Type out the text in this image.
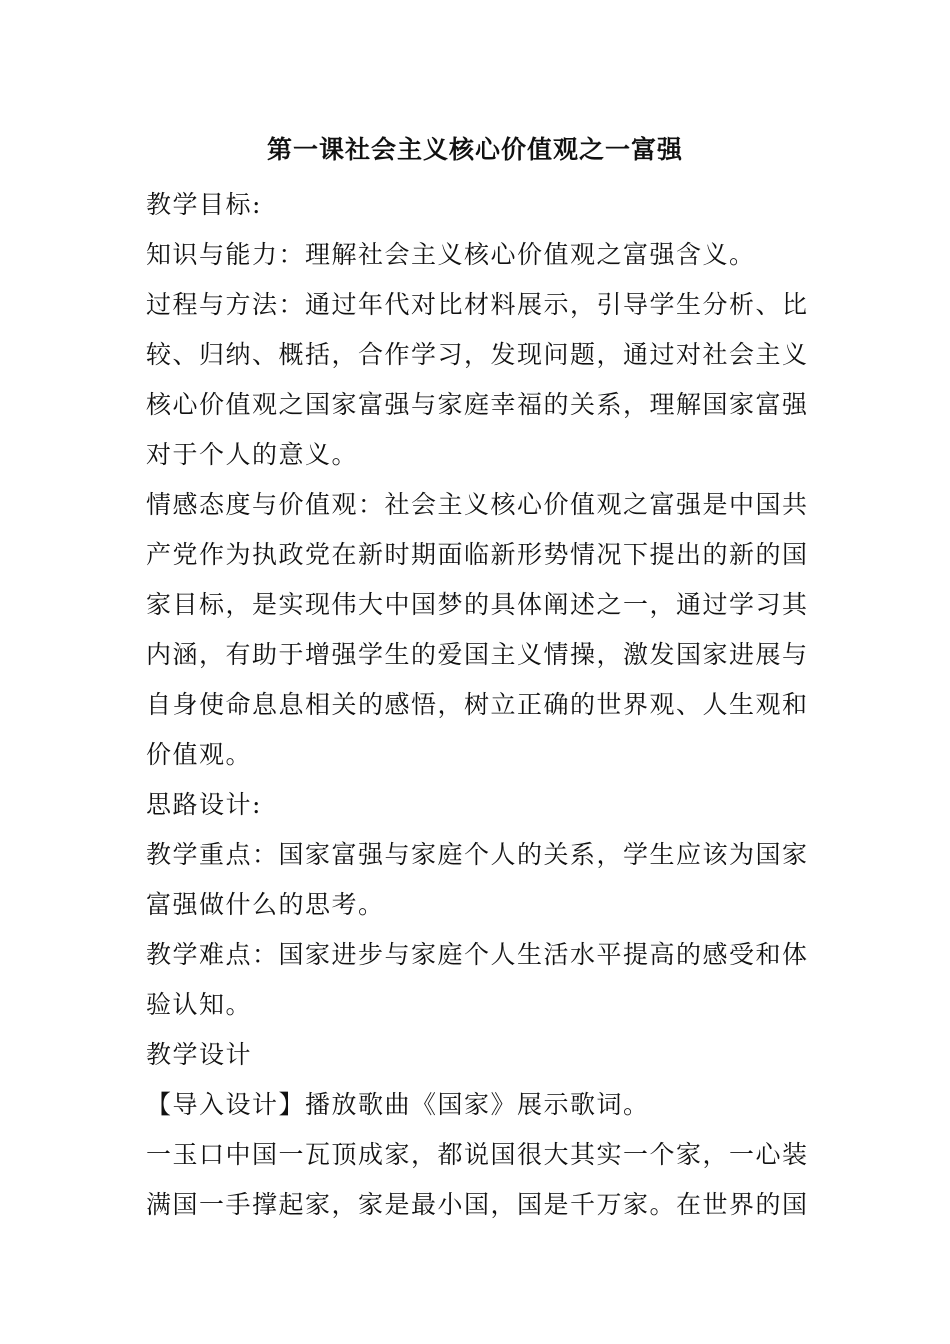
第一课社会主义核心价值观之一富强
教学目标:
知识与能力：理解社会主义核心价值观之富强含义。
过程与方法：通过年代对比材料展示，引导学生分析、比
较、归纳、概括，合作学习，发现问题，通过对社会主义
核心价值观之国家富强与家庭幸福的关系，理解国家富强
对于个人的意义。
情感态度与价值观：社会主义核心价值观之富强是中国共
产党作为执政党在新时期面临新形势情况下提出的新的国
家目标，是实现伟大中国梦的具体阐述之一，通过学习其
内涵，有助于增强学生的爱国主义情操，激发国家进展与
自身使命息息相关的感悟，树立正确的世界观、人生观和
价值观。
思路设计:
教学重点：国家富强与家庭个人的关系，学生应该为国家
富强做什么的思考。
教学难点：国家进步与家庭个人生活水平提高的感受和体
验认知。
教学设计
【导入设计】播放歌曲《国家》展示歌词。
一玉口中国一瓦顶成家，都说国很大其实一个家，一心装
满国一手撑起家，家是最小国，国是千万家。在世界的国
